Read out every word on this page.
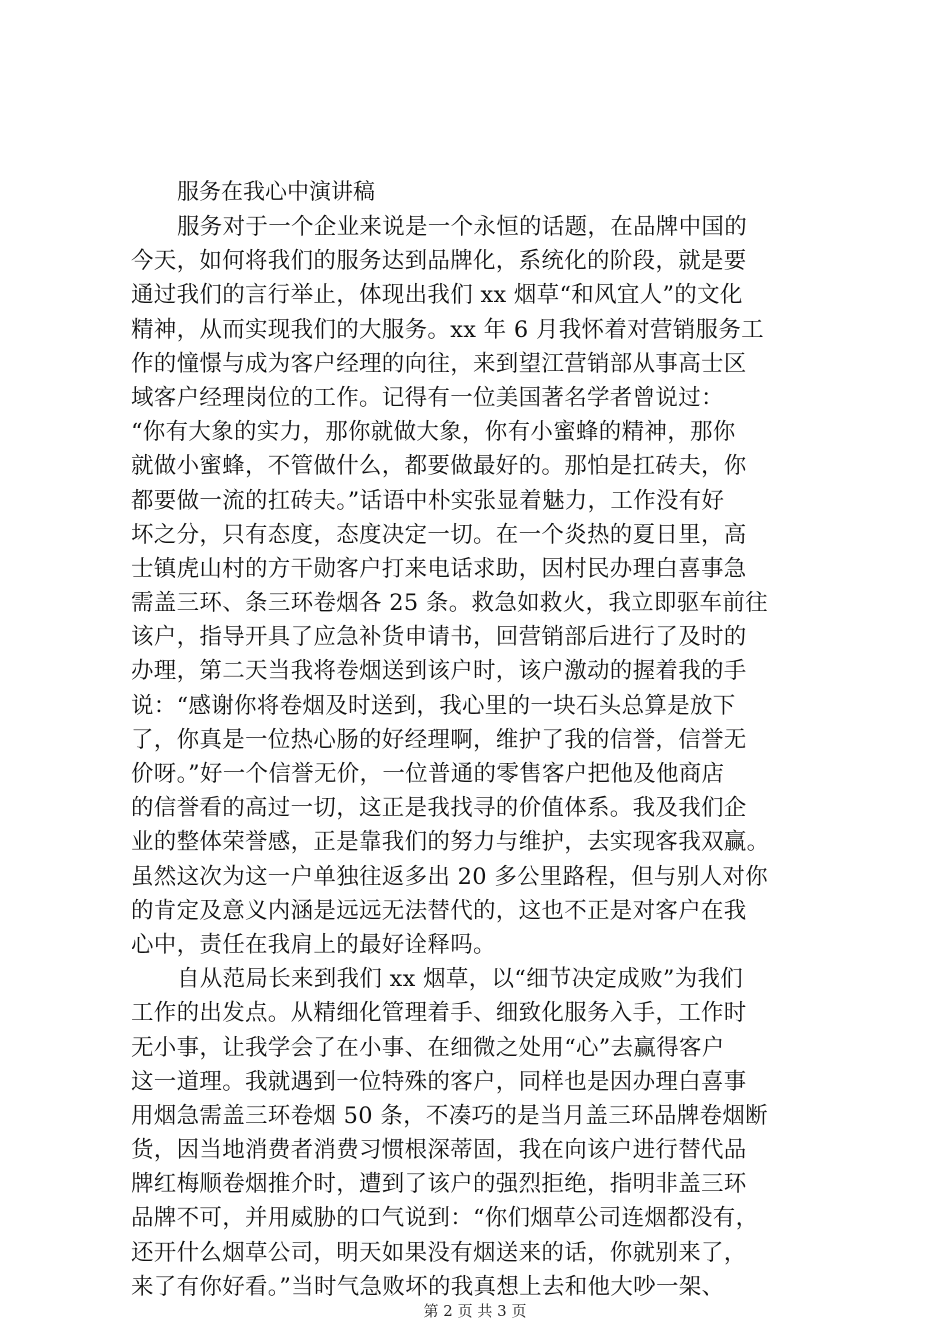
服务在我心中演讲稿

服务对于一个企业来说是一个永恒的话题，在品牌中国的

今天，如何将我们的服务达到品牌化，系统化的阶段，就是要

通过我们的言行举止，体现出我们 xx 烟草“和风宜人”的文化

精神，从而实现我们的大服务。xx 年 6 月我怀着对营销服务工

作的憧憬与成为客户经理的向往，来到望江营销部从事高士区

域客户经理岗位的工作。记得有一位美国著名学者曾说过：

“你有大象的实力，那你就做大象，你有小蜜蜂的精神，那你

就做小蜜蜂，不管做什么，都要做最好的。那怕是扛砖夫，你

都要做一流的扛砖夫。”话语中朴实张显着魅力，工作没有好

坏之分，只有态度，态度决定一切。在一个炎热的夏日里，高

士镇虎山村的方干勋客户打来电话求助，因村民办理白喜事急

需盖三环、条三环卷烟各 25 条。救急如救火，我立即驱车前往

该户，指导开具了应急补货申请书，回营销部后进行了及时的

办理，第二天当我将卷烟送到该户时，该户激动的握着我的手

说：“感谢你将卷烟及时送到，我心里的一块石头总算是放下

了，你真是一位热心肠的好经理啊，维护了我的信誉，信誉无

价呀。”好一个信誉无价，一位普通的零售客户把他及他商店

的信誉看的高过一切，这正是我找寻的价值体系。我及我们企

业的整体荣誉感，正是靠我们的努力与维护，去实现客我双赢。

虽然这次为这一户单独往返多出 20 多公里路程，但与别人对你

的肯定及意义内涵是远远无法替代的，这也不正是对客户在我

心中，责任在我肩上的最好诠释吗。

自从范局长来到我们 xx 烟草，以“细节决定成败”为我们

工作的出发点。从精细化管理着手、细致化服务入手，工作时

无小事，让我学会了在小事、在细微之处用“心”去赢得客户

这一道理。我就遇到一位特殊的客户，同样也是因办理白喜事

用烟急需盖三环卷烟 50 条，不凑巧的是当月盖三环品牌卷烟断

货，因当地消费者消费习惯根深蒂固，我在向该户进行替代品

牌红梅顺卷烟推介时，遭到了该户的强烈拒绝，指明非盖三环

品牌不可，并用威胁的口气说到：“你们烟草公司连烟都没有，

还开什么烟草公司，明天如果没有烟送来的话，你就别来了，

来了有你好看。”当时气急败坏的我真想上去和他大吵一架、

第 2 页 共 3 页
